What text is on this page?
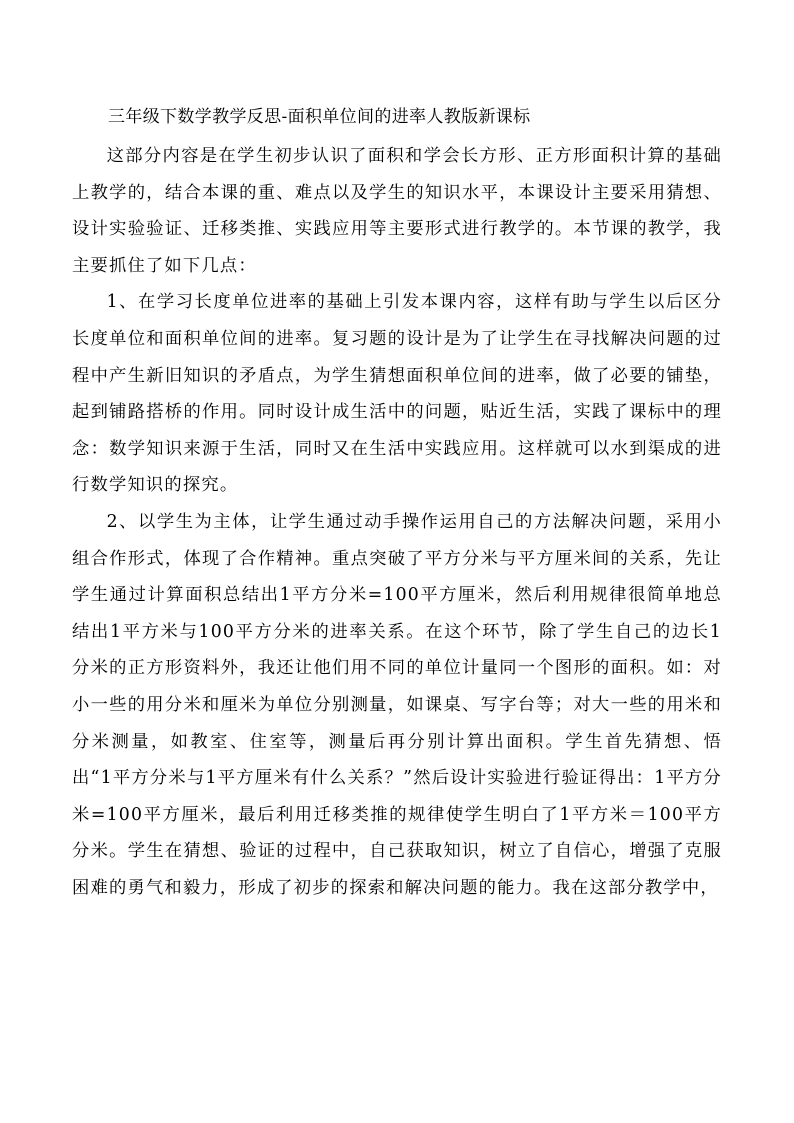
三年级下数学教学反思-面积单位间的进率人教版新课标

这部分内容是在学生初步认识了面积和学会长方形、正方形面积计算的基础上教学的，结合本课的重、难点以及学生的知识水平，本课设计主要采用猜想、设计实验验证、迁移类推、实践应用等主要形式进行教学的。本节课的教学，我主要抓住了如下几点：

1、在学习长度单位进率的基础上引发本课内容，这样有助与学生以后区分长度单位和面积单位间的进率。复习题的设计是为了让学生在寻找解决问题的过程中产生新旧知识的矛盾点，为学生猜想面积单位间的进率，做了必要的铺垫，起到铺路搭桥的作用。同时设计成生活中的问题，贴近生活，实践了课标中的理念：数学知识来源于生活，同时又在生活中实践应用。这样就可以水到渠成的进行数学知识的探究。

2、以学生为主体，让学生通过动手操作运用自己的方法解决问题，采用小组合作形式，体现了合作精神。重点突破了平方分米与平方厘米间的关系，先让学生通过计算面积总结出1平方分米=100平方厘米，然后利用规律很简单地总结出1平方米与100平方分米的进率关系。在这个环节，除了学生自己的边长1分米的正方形资料外，我还让他们用不同的单位计量同一个图形的面积。如：对小一些的用分米和厘米为单位分别测量，如课桌、写字台等；对大一些的用米和分米测量，如教室、住室等，测量后再分别计算出面积。学生首先猜想、悟出“1平方分米与1平方厘米有什么关系？”然后设计实验进行验证得出：1平方分米=100平方厘米，最后利用迁移类推的规律使学生明白了1平方米＝100平方分米。学生在猜想、验证的过程中，自己获取知识，树立了自信心，增强了克服困难的勇气和毅力，形成了初步的探索和解决问题的能力。我在这部分教学中，
